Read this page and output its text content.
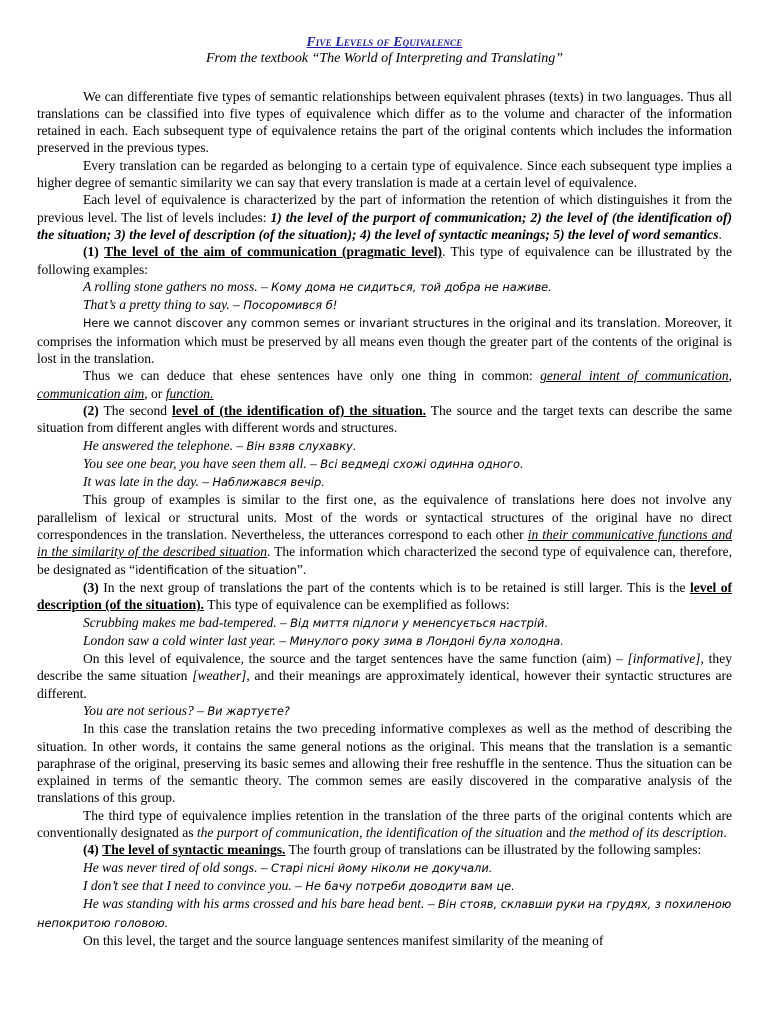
Five Levels of Equivalence
From the textbook “The World of Interpreting and Translating”

We can differentiate five types of semantic relationships between equivalent phrases (texts) in two languages. Thus all translations can be classified into five types of equivalence which differ as to the volume and character of the information retained in each. Each subsequent type of equivalence retains the part of the original contents which includes the information preserved in the previous types.

Every translation can be regarded as belonging to a certain type of equivalence. Since each subsequent type implies a higher degree of semantic similarity we can say that every translation is made at a certain level of equivalence.

Each level of equivalence is characterized by the part of information the retention of which distinguishes it from the previous level. The list of levels includes: 1) the level of the purport of communication; 2) the level of (the identification of) the situation; 3) the level of description (of the situation); 4) the level of syntactic meanings; 5) the level of word semantics.

(1) The level of the aim of communication (pragmatic level). This type of equivalence can be illustrated by the following examples:

A rolling stone gathers no moss. – Кому дома не сидиться, той добра не наживе.

That’s a pretty thing to say. – Посоромився б!

Here we cannot discover any common semes or invariant structures in the original and its translation. Moreover, it comprises the information which must be preserved by all means even though the greater part of the contents of the original is lost in the translation.

Thus we can deduce that ehese sentences have only one thing in common: general intent of communication, communication aim, or function.

(2) The second level of (the identification of) the situation. The source and the target texts can describe the same situation from different angles with different words and structures.

He answered the telephone. – Він взяв слухавку.

You see one bear, you have seen them all. – Всі ведмеді схожі одинна одного.

It was late in the day. – Наближався вечір.

This group of examples is similar to the first one, as the equivalence of translations here does not involve any parallelism of lexical or structural units. Most of the words or syntactical structures of the original have no direct correspondences in the translation. Nevertheless, the utterances correspond to each other in their communicative functions and in the similarity of the described situation. The information which characterized the second type of equivalence can, therefore, be designated as “identification of the situation”.

(3) In the next group of translations the part of the contents which is to be retained is still larger. This is the level of description (of the situation). This type of equivalence can be exemplified as follows:

Scrubbing makes me bad-tempered. – Від миття підлоги у менепсується настрій.

London saw a cold winter last year. – Минулого року зима в Лондоні була холодна.

On this level of equivalence, the source and the target sentences have the same function (aim) – [informative], they describe the same situation [weather], and their meanings are approximately identical, however their syntactic structures are different.

You are not serious? – Ви жартуєте?

In this case the translation retains the two preceding informative complexes as well as the method of describing the situation. In other words, it contains the same general notions as the original. This means that the translation is a semantic paraphrase of the original, preserving its basic semes and allowing their free reshuffle in the sentence. Thus the situation can be explained in terms of the semantic theory. The common semes are easily discovered in the comparative analysis of the translations of this group.

The third type of equivalence implies retention in the translation of the three parts of the original contents which are conventionally designated as the purport of communication, the identification of the situation and the method of its description.

(4) The level of syntactic meanings. The fourth group of translations can be illustrated by the following samples:

He was never tired of old songs. – Старі пісні йому ніколи не докучали.

I don’t see that I need to convince you. – Не бачу потреби доводити вам це.

He was standing with his arms crossed and his bare head bent. – Він стояв, склавши руки на грудях, з похиленою непокритою головою.

On this level, the target and the source language sentences manifest similarity of the meaning of
